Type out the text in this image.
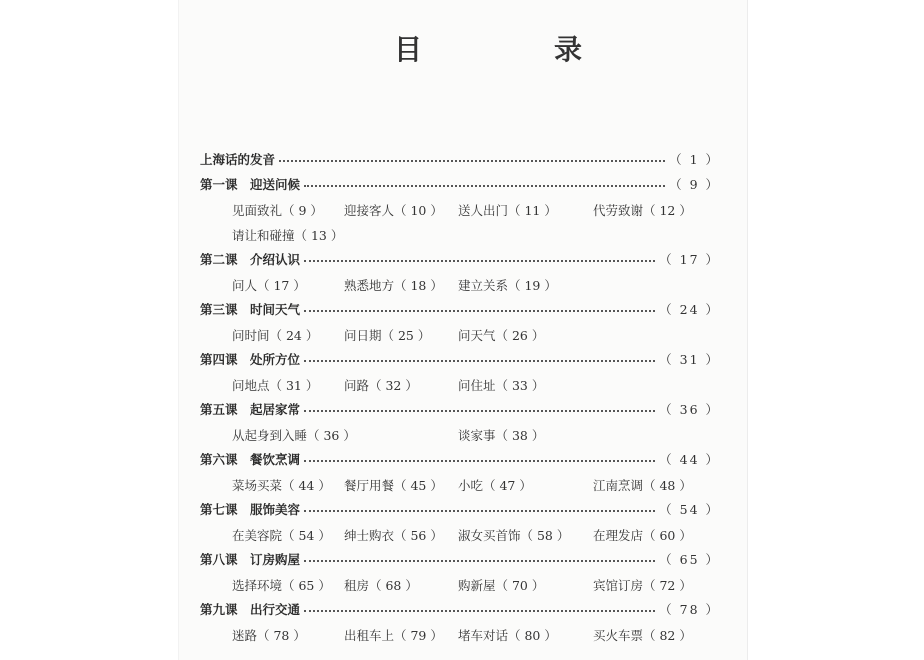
目　录
上海话的发音	（ 1 ）
第一课　迎送问候	（ 9 ）
见面致礼（ 9 ） 迎接客人（ 10 ） 送人出门（ 11 ）	代劳致谢（ 12 ）
请让和碰撞（ 13 ）
第二课　介绍认识	（ 17 ）
问人（ 17 ）	熟悉地方（ 18 ） 建立关系（ 19 ）
第三课　时间天气	（ 24 ）
问时间（ 24 ） 问日期（ 25 ） 问天气（ 26 ）
第四课　处所方位	（ 31 ）
问地点（ 31 ） 问路（ 32 ）	问住址（ 33 ）
第五课　起居家常	（ 36 ）
从起身到入睡（ 36 ）	谈家事（ 38 ）
第六课　餐饮烹调	（ 44 ）
菜场买菜（ 44 ） 餐厅用餐（ 45 ） 小吃（ 47 ）	江南烹调（ 48 ）
第七课　服饰美容	（ 54 ）
在美容院（ 54 ） 绅士购衣（ 56 ） 淑女买首饰（ 58 ） 在理发店（ 60 ）
第八课　订房购屋	（ 65 ）
选择环境（ 65 ） 租房（ 68 ）	购新屋（ 70 ）	宾馆订房（ 72 ）
第九课　出行交通	（ 78 ）
迷路（ 78 ）	出租车上（ 79 ） 堵车对话（ 80 ）	买火车票（ 82 ）
